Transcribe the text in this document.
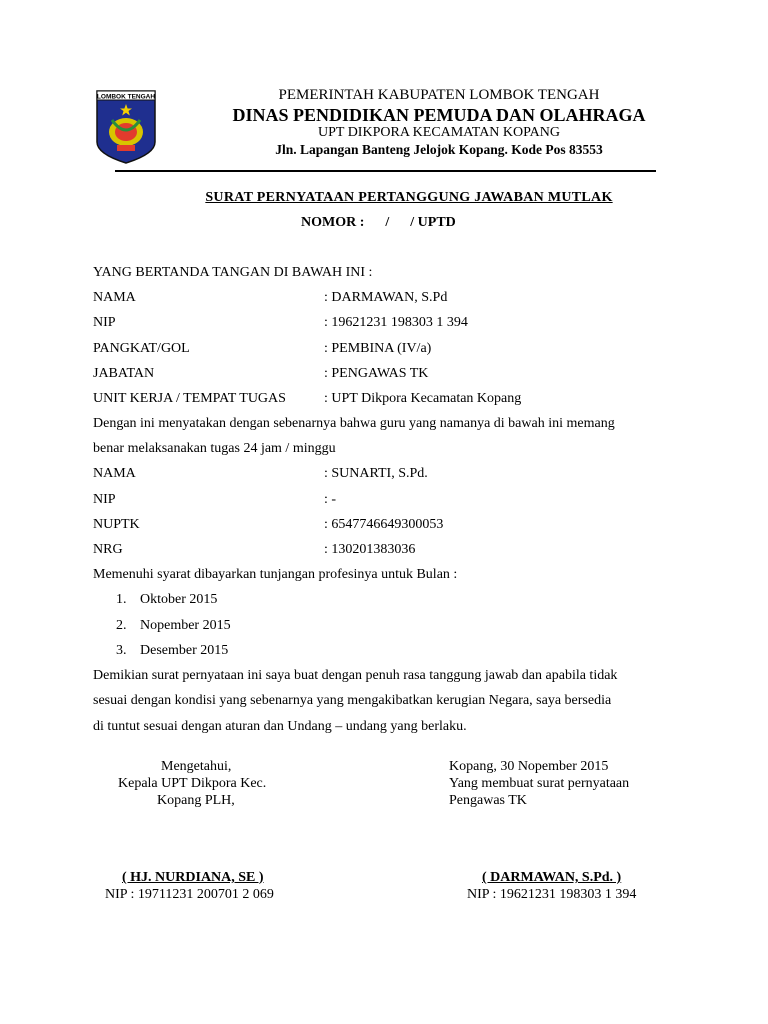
LOMBOK TENGAH	PEMERINTAH KABUPATEN LOMBOK TENGAH
DINAS PENDIDIKAN PEMUDA DAN OLAHRAGA
UPT DIKPORA KECAMATAN KOPANG
Jln. Lapangan Banteng Jelojok Kopang. Kode Pos 83553
SURAT PERNYATAAN PERTANGGUNG JAWABAN MUTLAK
NOMOR :      /      / UPTD
YANG BERTANDA TANGAN DI BAWAH INI :
NAMA	: DARMAWAN, S.Pd
NIP	: 19621231 198303 1 394
PANGKAT/GOL	: PEMBINA (IV/a)
JABATAN	: PENGAWAS TK
UNIT KERJA / TEMPAT TUGAS	: UPT Dikpora Kecamatan Kopang
Dengan ini menyatakan dengan sebenarnya bahwa guru yang namanya di bawah ini memang
benar melaksanakan tugas 24 jam / minggu
NAMA	: SUNARTI, S.Pd.
NIP	: -
NUPTK	: 6547746649300053
NRG	: 130201383036
Memenuhi syarat dibayarkan tunjangan profesinya untuk Bulan :
1. Oktober 2015
2. Nopember 2015
3. Desember 2015
Demikian surat pernyataan ini saya buat dengan penuh rasa tanggung jawab dan apabila tidak
sesuai dengan kondisi yang sebenarnya yang mengakibatkan kerugian Negara, saya bersedia
di tuntut sesuai dengan aturan dan Undang – undang yang berlaku.
Mengetahui,
Kepala UPT Dikpora Kec.
Kopang PLH,
( HJ. NURDIANA, SE )
NIP : 19711231 200701 2 069
Kopang, 30 Nopember 2015
Yang membuat surat pernyataan
Pengawas TK
( DARMAWAN, S.Pd. )
NIP : 19621231 198303 1 394
